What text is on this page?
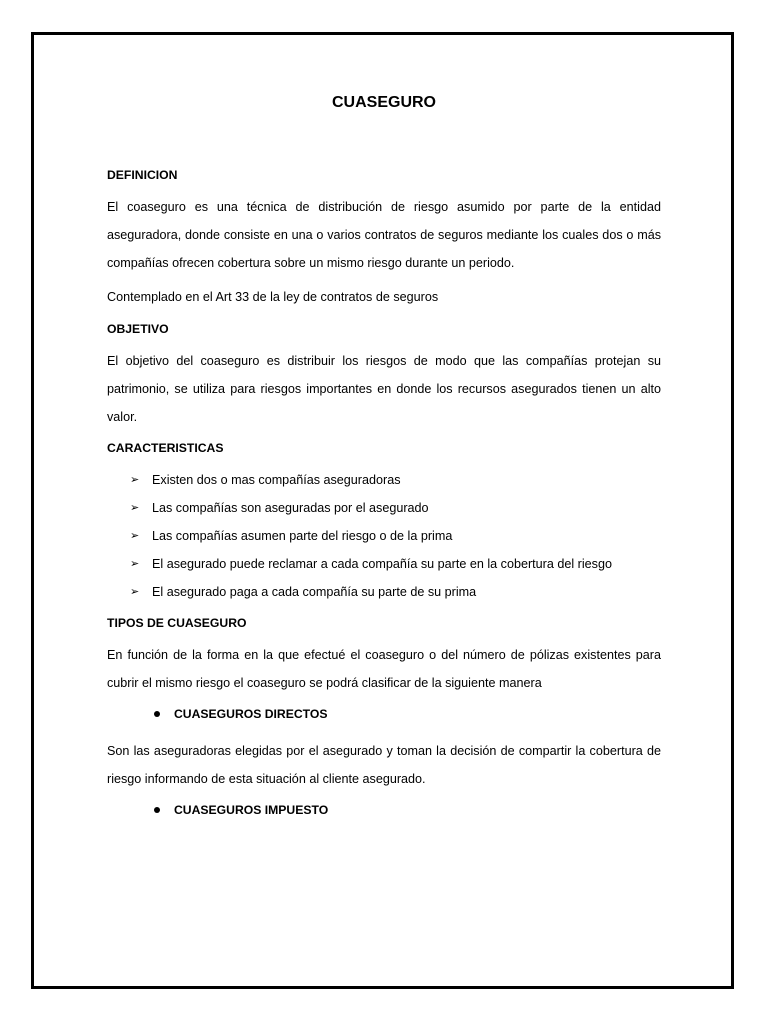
CUASEGURO
DEFINICION

El coaseguro es una técnica de distribución de riesgo asumido por parte de la entidad aseguradora, donde consiste en una o varios contratos de seguros mediante los cuales dos o más compañías ofrecen cobertura sobre un mismo riesgo durante un periodo.

Contemplado en el Art 33 de la ley de contratos de seguros

OBJETIVO

El objetivo del coaseguro es distribuir los riesgos de modo que las compañías protejan su patrimonio, se utiliza para riesgos importantes en donde los recursos asegurados tienen un alto valor.

CARACTERISTICAS
➢ Existen dos o mas compañías aseguradoras
➢ Las compañías son aseguradas por el asegurado
➢ Las compañías asumen parte del riesgo o de la prima
➢ El asegurado puede reclamar a cada compañía su parte en la cobertura del riesgo
➢ El asegurado paga a cada compañía su parte de su prima
TIPOS DE CUASEGURO

En función de la forma en la que efectué el coaseguro o del número de pólizas existentes para cubrir el mismo riesgo el coaseguro se podrá clasificar de la siguiente manera

CUASEGUROS DIRECTOS

Son las aseguradoras elegidas por el asegurado y toman la decisión de compartir la cobertura de riesgo informando de esta situación al cliente asegurado.

CUASEGUROS IMPUESTO
